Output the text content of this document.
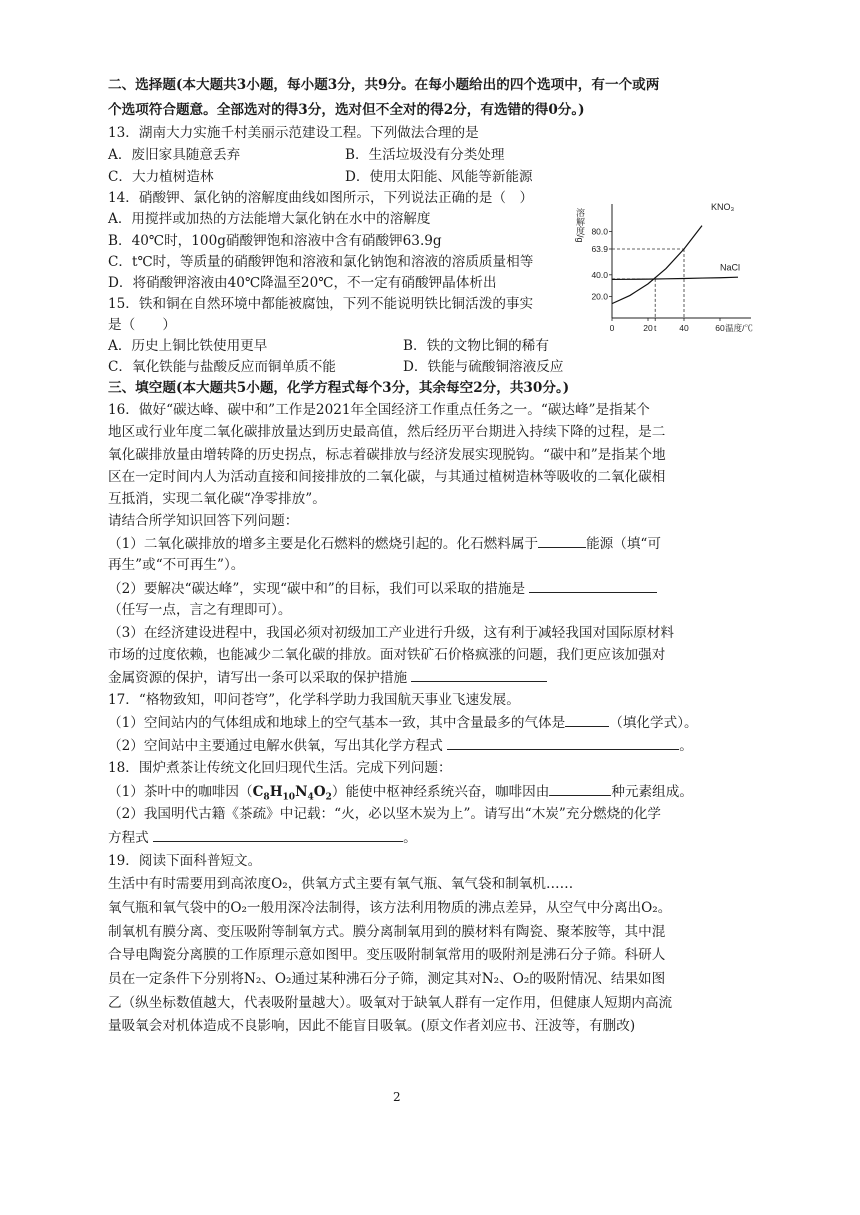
二、选择题(本大题共3小题，每小题3分，共9分。在每小题给出的四个选项中，有一个或两
个选项符合题意。全部选对的得3分，选对但不全对的得2分，有选错的得0分。)
13．湖南大力实施千村美丽示范建设工程。下列做法合理的是
A．废旧家具随意丢弃	B．生活垃圾没有分类处理
C．大力植树造林	D．使用太阳能、风能等新能源
14．硝酸钾、氯化钠的溶解度曲线如图所示，下列说法正确的是（　）
A．用搅拌或加热的方法能增大氯化钠在水中的溶解度
B．40℃时，100g硝酸钾饱和溶液中含有硝酸钾63.9g
C．t℃时，等质量的硝酸钾饱和溶液和氯化钠饱和溶液的溶质质量相等
D．将硝酸钾溶液由40℃降温至20℃，不一定有硝酸钾晶体析出
20.0
40.0
63.9
80.0
0	20 t	40	60
溶解度/g
温度/℃
KNO₃
NaCl
15．铁和铜在自然环境中都能被腐蚀，下列不能说明铁比铜活泼的事实
是（　　）
A．历史上铜比铁使用更早	B．铁的文物比铜的稀有
C．氧化铁能与盐酸反应而铜单质不能	D．铁能与硫酸铜溶液反应
三、填空题(本大题共5小题，化学方程式每个3分，其余每空2分，共30分。)
16．做好“碳达峰、碳中和”工作是2021年全国经济工作重点任务之一。“碳达峰”是指某个
地区或行业年度二氧化碳排放量达到历史最高值，然后经历平台期进入持续下降的过程，是二
氧化碳排放量由增转降的历史拐点，标志着碳排放与经济发展实现脱钩。“碳中和”是指某个地
区在一定时间内人为活动直接和间接排放的二氧化碳，与其通过植树造林等吸收的二氧化碳相
互抵消，实现二氧化碳“净零排放”。
请结合所学知识回答下列问题：
（1）二氧化碳排放的增多主要是化石燃料的燃烧引起的。化石燃料属于	能源（填“可
再生”或“不可再生”）。
（2）要解决“碳达峰”，实现“碳中和”的目标，我们可以采取的措施是
（任写一点，言之有理即可）。
（3）在经济建设进程中，我国必须对初级加工产业进行升级，这有利于减轻我国对国际原材料
市场的过度依赖，也能减少二氧化碳的排放。面对铁矿石价格疯涨的问题，我们更应该加强对
金属资源的保护，请写出一条可以采取的保护措施
17．“格物致知，叩问苍穹”，化学科学助力我国航天事业飞速发展。
（1）空间站内的气体组成和地球上的空气基本一致，其中含量最多的气体是	（填化学式）。
（2）空间站中主要通过电解水供氧，写出其化学方程式	。
18．围炉煮茶让传统文化回归现代生活。完成下列问题：
（1）茶叶中的咖啡因$(C_8H_{10}N_4O_2)$能使中枢神经系统兴奋，咖啡因由	种元素组成。
（2）我国明代古籍《茶疏》中记载：“火，必以坚木炭为上”。请写出“木炭”充分燃烧的化学
方程式	。
19．阅读下面科普短文。
生活中有时需要用到高浓度O₂，供氧方式主要有氧气瓶、氧气袋和制氧机……
氧气瓶和氧气袋中的O₂一般用深冷法制得，该方法利用物质的沸点差异，从空气中分离出O₂。
制氧机有膜分离、变压吸附等制氧方式。膜分离制氧用到的膜材料有陶瓷、聚苯胺等，其中混
合导电陶瓷分离膜的工作原理示意如图甲。变压吸附制氧常用的吸附剂是沸石分子筛。科研人
员在一定条件下分别将N₂、O₂通过某种沸石分子筛，测定其对N₂、O₂的吸附情况、结果如图
乙（纵坐标数值越大，代表吸附量越大）。吸氧对于缺氧人群有一定作用，但健康人短期内高流
量吸氧会对机体造成不良影响，因此不能盲目吸氧。(原文作者刘应书、汪波等，有删改)
2
